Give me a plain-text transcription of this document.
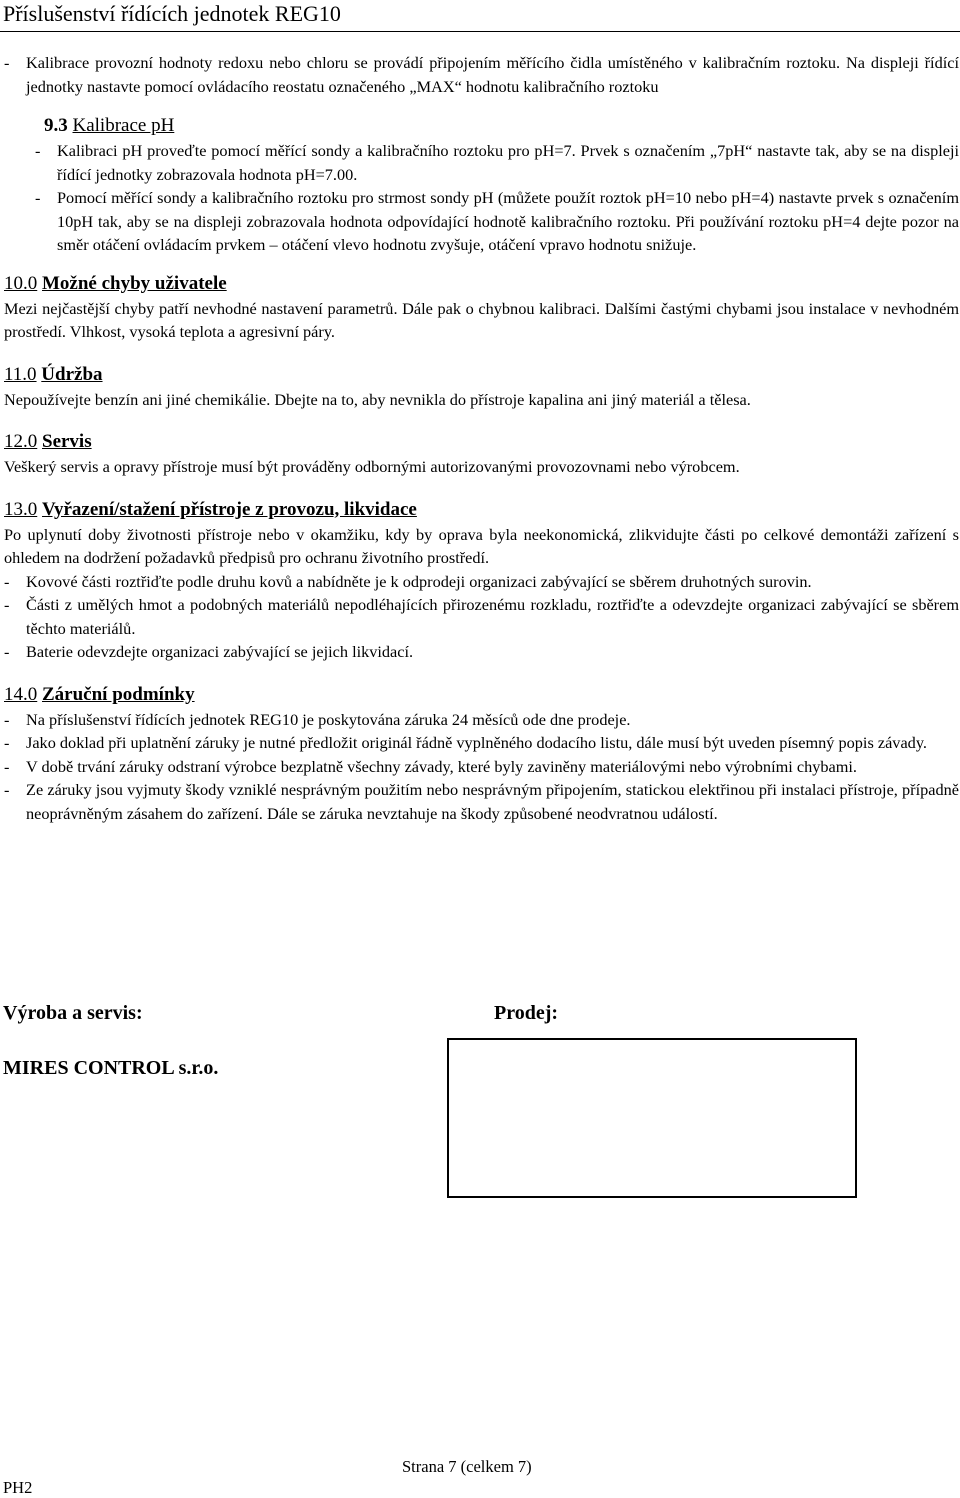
Příslušenství řídících jednotek REG10
-	Kalibrace provozní hodnoty redoxu nebo chloru se provádí připojením měřícího čidla umístěného v kalibračním roztoku. Na displeji řídící jednotky nastavte pomocí ovládacího reostatu označeného „MAX“ hodnotu kalibračního roztoku
9.3 Kalibrace pH
-	Kalibraci pH proveďte pomocí měřící sondy a kalibračního roztoku pro pH=7. Prvek s označením „7pH“ nastavte tak, aby se na displeji řídící jednotky zobrazovala hodnota pH=7.00.
-	Pomocí měřící sondy a kalibračního roztoku pro strmost sondy pH (můžete použít roztok pH=10 nebo pH=4) nastavte prvek s označením 10pH tak, aby se na displeji zobrazovala hodnota odpovídající hodnotě kalibračního roztoku. Při používání roztoku pH=4 dejte pozor na směr otáčení ovládacím prvkem – otáčení vlevo hodnotu zvyšuje, otáčení vpravo hodnotu snižuje.
10.0 Možné chyby uživatele

Mezi nejčastější chyby patří nevhodné nastavení parametrů. Dále pak o chybnou kalibraci. Dalšími častými chybami jsou instalace v nevhodném prostředí. Vlhkost, vysoká teplota a agresivní páry.

11.0 Údržba

Nepoužívejte benzín ani jiné chemikálie. Dbejte na to, aby nevnikla do přístroje kapalina ani jiný materiál a tělesa.

12.0 Servis

Veškerý servis a opravy přístroje musí být prováděny odbornými autorizovanými provozovnami nebo výrobcem.

13.0 Vyřazení/stažení přístroje z provozu, likvidace

Po uplynutí doby životnosti přístroje nebo v okamžiku, kdy by oprava byla neekonomická, zlikvidujte části po celkové demontáži zařízení s ohledem na dodržení požadavků předpisů pro ochranu životního prostředí.

-	Kovové části roztřiďte podle druhu kovů a nabídněte je k odprodeji organizaci zabývající se sběrem druhotných surovin.
-	Části z umělých hmot a podobných materiálů nepodléhajících přirozenému rozkladu, roztřiďte a odevzdejte organizaci zabývající se sběrem těchto materiálů.
-	Baterie odevzdejte organizaci zabývající se jejich likvidací.
14.0 Záruční podmínky
-	Na příslušenství řídících jednotek REG10 je poskytována záruka 24 měsíců ode dne prodeje.
-	Jako doklad při uplatnění záruky je nutné předložit originál řádně vyplněného dodacího listu, dále musí být uveden písemný popis závady.
-	V době trvání záruky odstraní výrobce bezplatně všechny závady, které byly zaviněny materiálovými nebo výrobními chybami.
-	Ze záruky jsou vyjmuty škody vzniklé nesprávným použitím nebo nesprávným připojením, statickou elektřinou při instalaci přístroje, případně neoprávněným zásahem do zařízení. Dále se záruka nevztahuje na škody způsobené neodvratnou událostí.
Výroba a servis:	Prodej:
MIRES CONTROL s.r.o.
Strana 7 (celkem 7)
PH2
